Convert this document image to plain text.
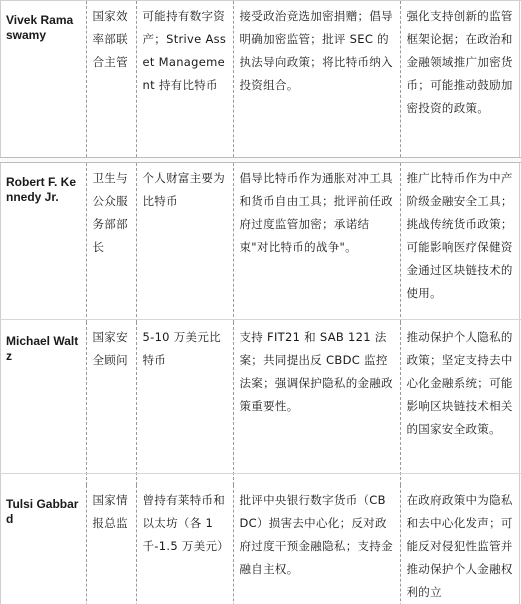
Vivek Ramaswamy	国家效率部联合主管	可能持有数字资产；Strive Asset Management 持有比特币	接受政治竞选加密捐赠；倡导明确加密监管；批评 SEC 的执法导向政策；将比特币纳入投资组合。	强化支持创新的监管框架论据；在政治和金融领域推广加密货币；可能推动鼓励加密投资的政策。
Robert F. Kennedy Jr.	卫生与公众服务部部长	个人财富主要为比特币	倡导比特币作为通胀对冲工具和货币自由工具；批评前任政府过度监管加密；承诺结束"对比特币的战争"。	推广比特币作为中产阶级金融安全工具；挑战传统货币政策；可能影响医疗保健资金通过区块链技术的使用。
Michael Waltz	国家安全顾问	5-10 万美元比特币	支持 FIT21 和 SAB 121 法案；共同提出反 CBDC 监控法案；强调保护隐私的金融政策重要性。	推动保护个人隐私的政策；坚定支持去中心化金融系统；可能影响区块链技术相关的国家安全政策。
Tulsi Gabbard	国家情报总监	曾持有莱特币和以太坊（各 1 千-1.5 万美元）	批评中央银行数字货币（CBDC）损害去中心化；反对政府过度干预金融隐私；支持金融自主权。	在政府政策中为隐私和去中心化发声；可能反对侵犯性监管并推动保护个人金融权利的立
